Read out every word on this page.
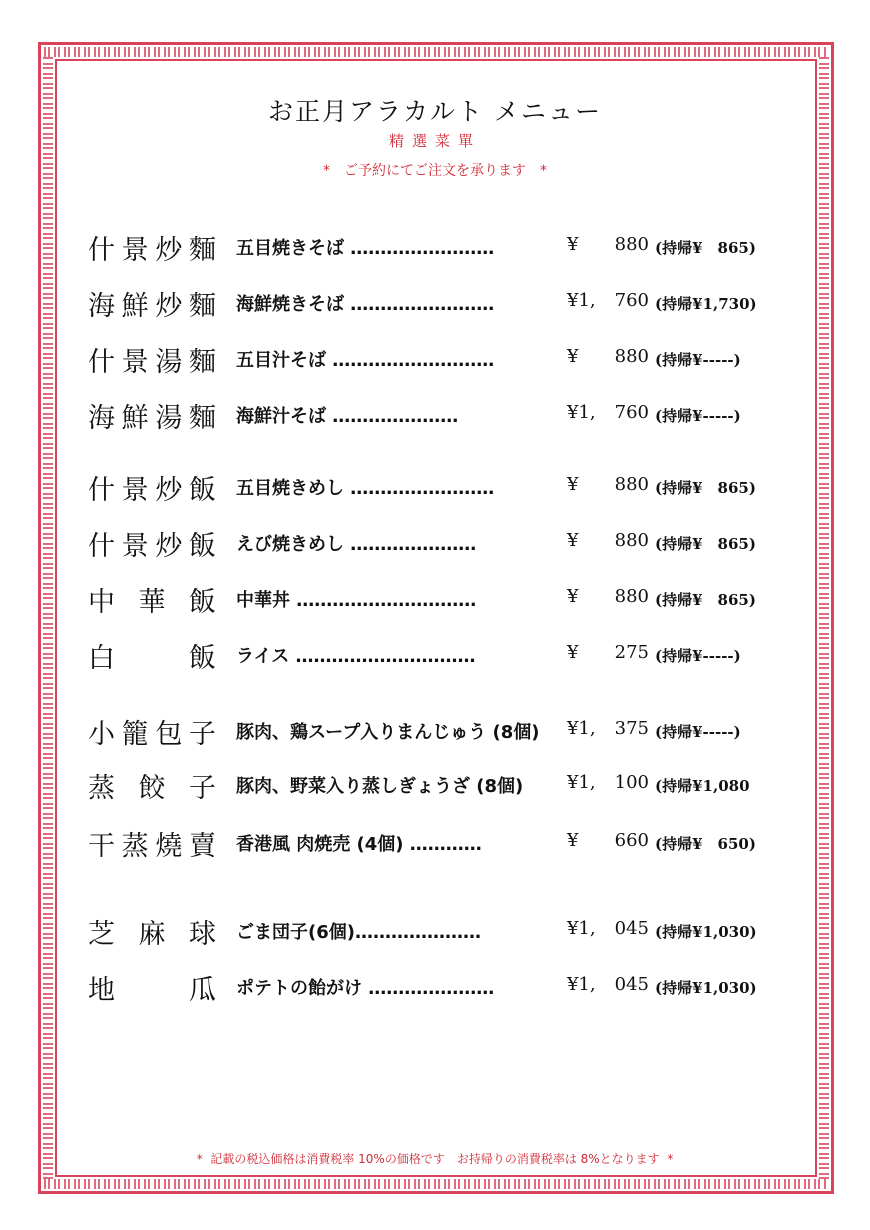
お正月アラカルト メニュー
精選菜單
* ご予約にてご注文を承ります *
什 景 炒 麵 五目焼きそば ……………………	¥ 880 (持帰¥　865)
海 鮮 炒 麵 海鮮焼きそば ……………………	¥1, 760 (持帰¥1,730)
什 景 湯 麵 五目汁そば ………………………	¥ 880 (持帰¥-----)
海 鮮 湯 麵 海鮮汁そば …………………	¥1, 760 (持帰¥-----)
什 景 炒 飯 五目焼きめし ……………………	¥ 880 (持帰¥　865)
什 景 炒 飯 えび焼きめし …………………	¥ 880 (持帰¥　865)
中 華 飯 中華丼 …………………………	¥ 880 (持帰¥　865)
白	飯 ライス …………………………	¥ 275 (持帰¥-----)
小 籠 包 子 豚肉、鶏スープ入りまんじゅう (8個) ¥1, 375 (持帰¥-----)
蒸 餃 子 豚肉、野菜入り蒸しぎょうざ (8個) ¥1, 100 (持帰¥1,080
干 蒸 燒 賣 香港風 肉焼売 (4個) …………	¥ 660 (持帰¥　650)
芝 麻 球 ごま団子(6個)…………………	¥1, 045 (持帰¥1,030)
地	瓜 ポテトの飴がけ …………………	¥1, 045 (持帰¥1,030)
* 記載の税込価格は消費税率 10%の価格です　お持帰りの消費税率は 8%となります *
